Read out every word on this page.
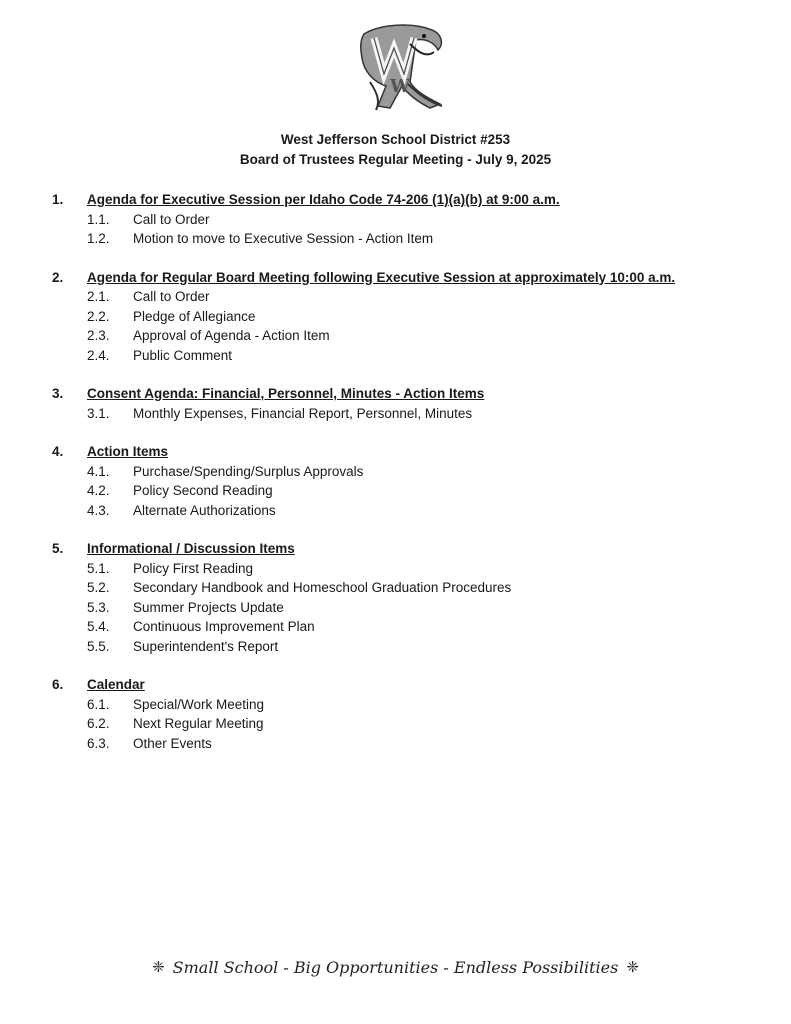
W
West Jefferson School District #253
Board of Trustees Regular Meeting - July 9, 2025
1. Agenda for Executive Session per Idaho Code 74-206 (1)(a)(b) at 9:00 a.m.
1.1. Call to Order
1.2. Motion to move to Executive Session - Action Item
2. Agenda for Regular Board Meeting following Executive Session at approximately 10:00 a.m.
2.1. Call to Order
2.2. Pledge of Allegiance
2.3. Approval of Agenda - Action Item
2.4. Public Comment
3. Consent Agenda: Financial, Personnel, Minutes - Action Items
3.1. Monthly Expenses, Financial Report, Personnel, Minutes
4. Action Items
4.1. Purchase/Spending/Surplus Approvals
4.2. Policy Second Reading
4.3. Alternate Authorizations
5. Informational / Discussion Items
5.1. Policy First Reading
5.2. Secondary Handbook and Homeschool Graduation Procedures
5.3. Summer Projects Update
5.4. Continuous Improvement Plan
5.5. Superintendent's Report
6. Calendar
6.1. Special/Work Meeting
6.2. Next Regular Meeting
6.3. Other Events
❈ Small School - Big Opportunities - Endless Possibilities ❈
